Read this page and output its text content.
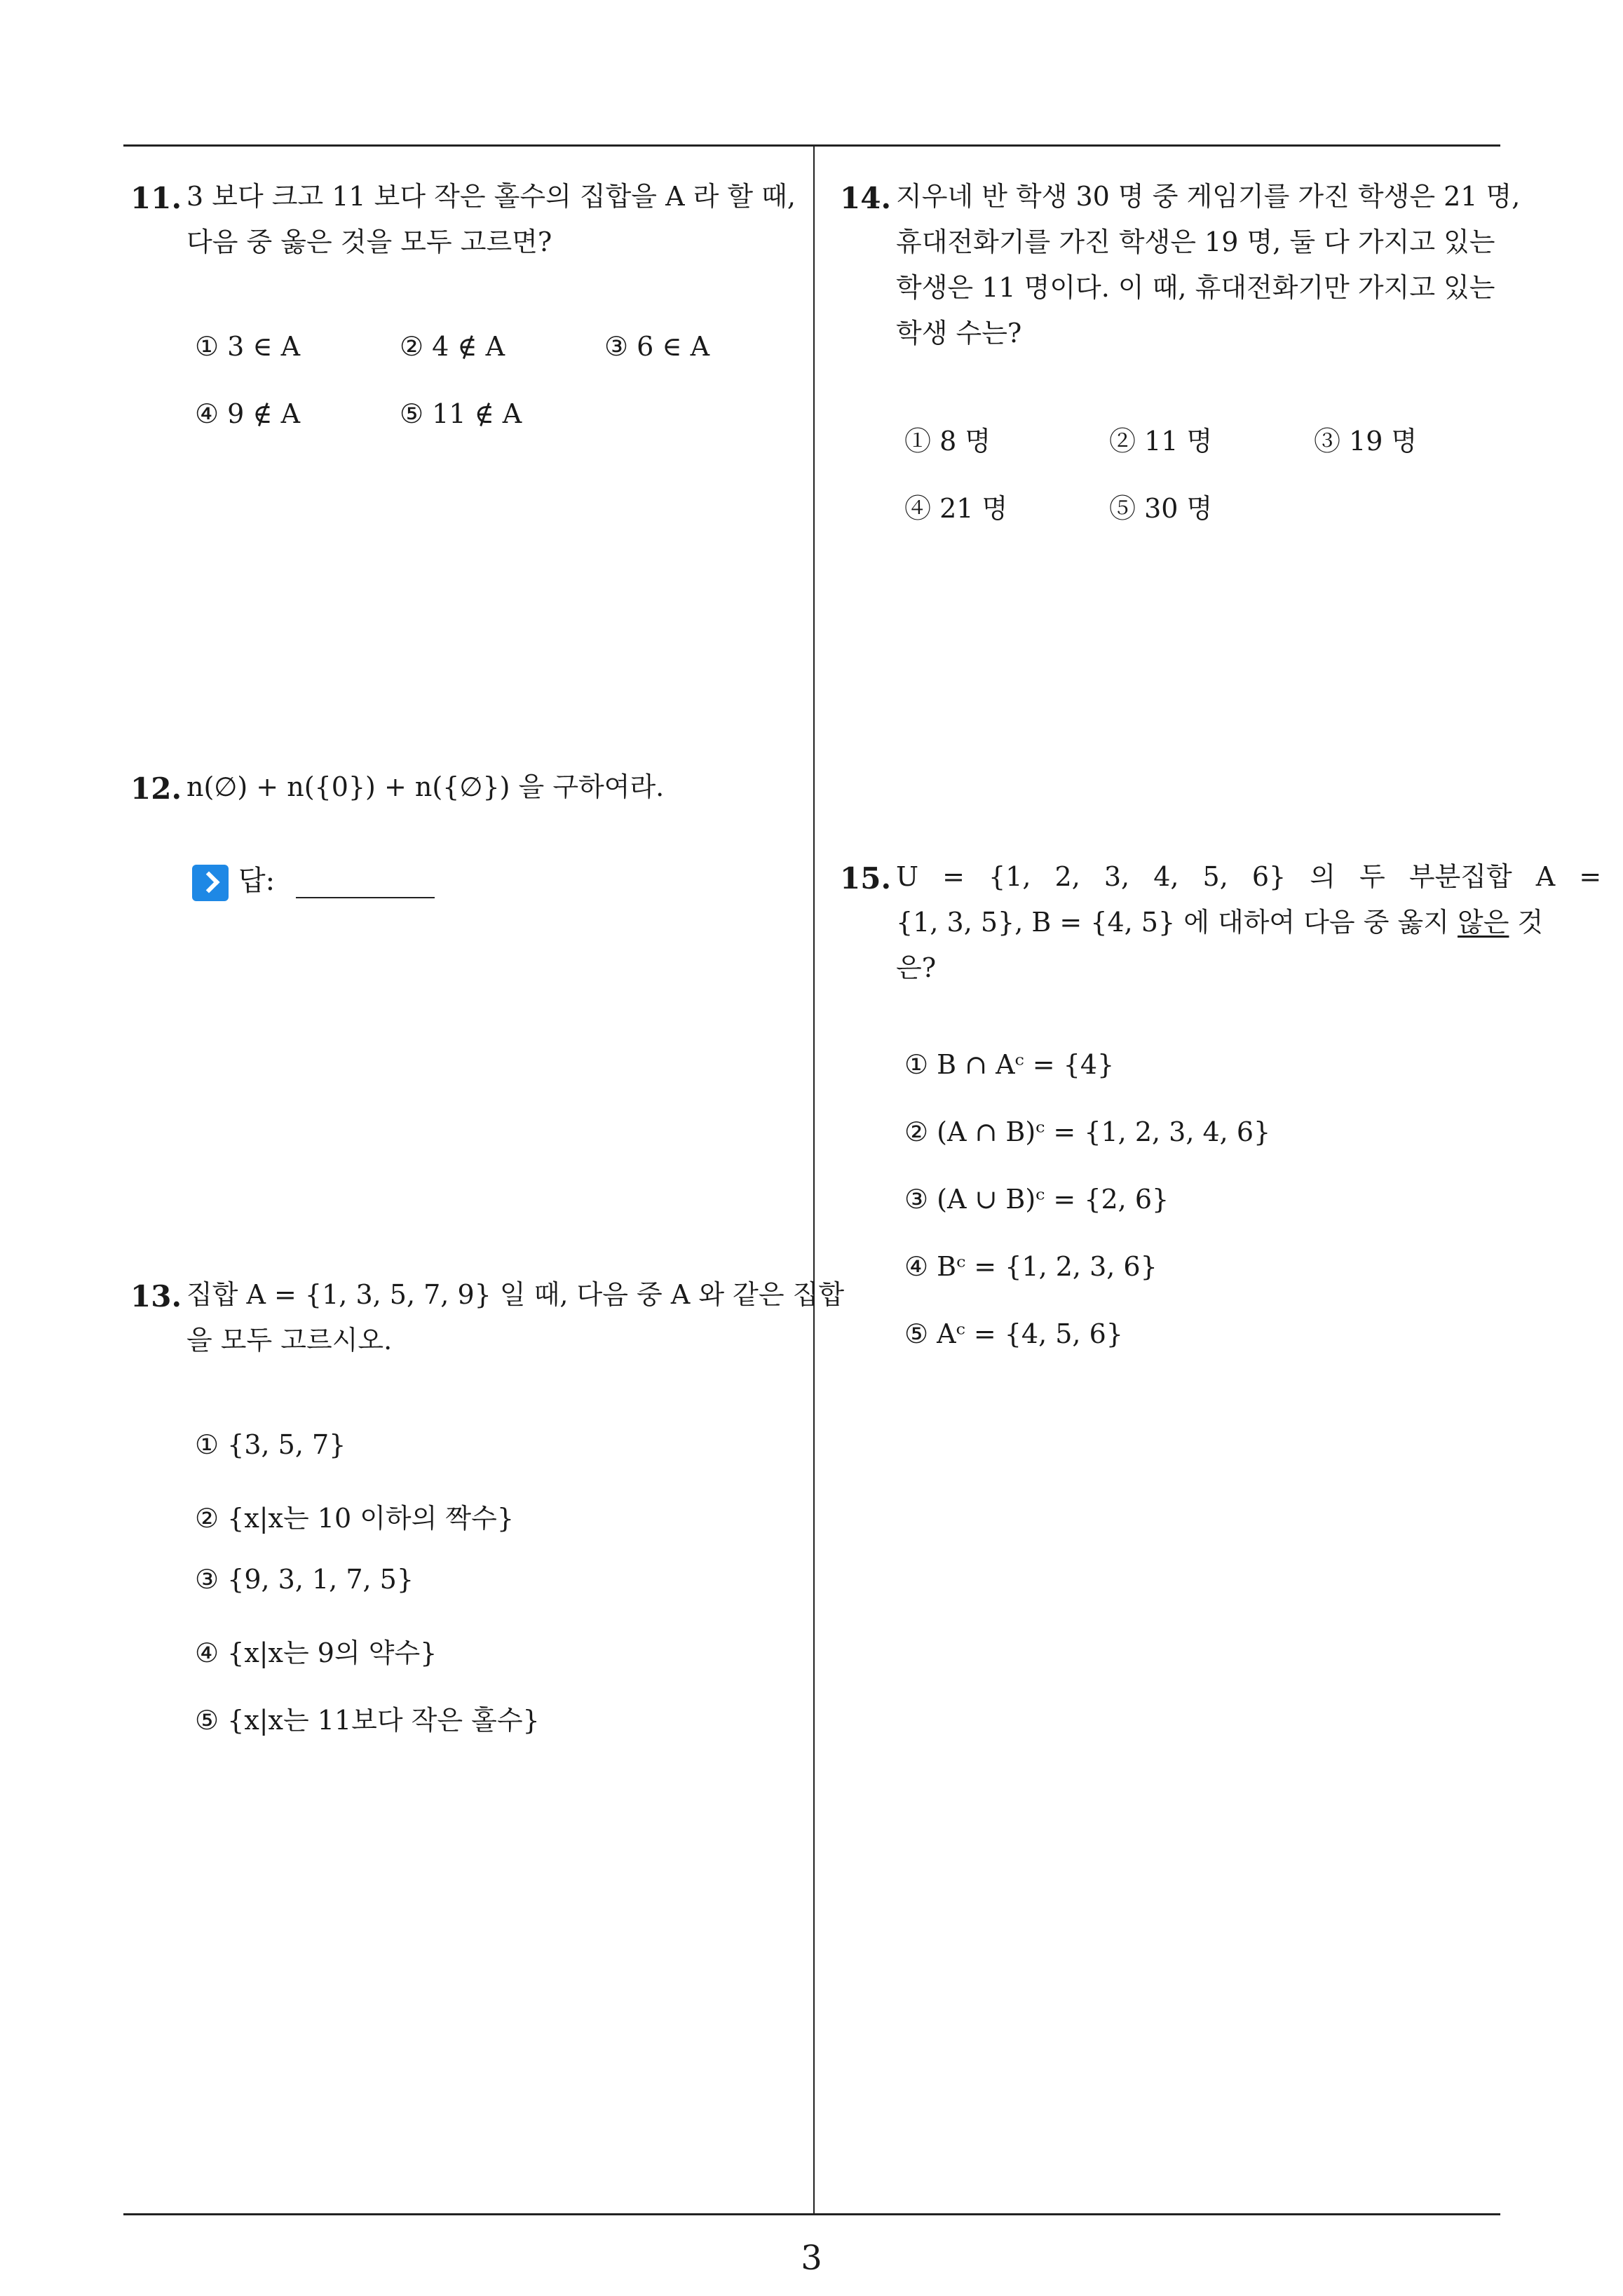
11. 3 보다 크고 11 보다 작은 홀수의 집합을 A 라 할 때,
다음 중 옳은 것을 모두 고르면?
① 3 ∈ A	② 4 ∉ A	③ 6 ∈ A
④ 9 ∉ A	⑤ 11 ∉ A
12. n(∅) + n({0}) + n({∅}) 을 구하여라.
답:
13. 집합 A = {1, 3, 5, 7, 9} 일 때, 다음 중 A 와 같은 집합
을 모두 고르시오.
① {3, 5, 7}
② {x|x는 10 이하의 짝수}
③ {9, 3, 1, 7, 5}
④ {x|x는 9의 약수}
⑤ {x|x는 11보다 작은 홀수}
14. 지우네 반 학생 30 명 중 게임기를 가진 학생은 21 명,
휴대전화기를 가진 학생은 19 명, 둘 다 가지고 있는
학생은 11 명이다. 이 때, 휴대전화기만 가지고 있는
학생 수는?
① 8 명	② 11 명	③ 19 명
④ 21 명	⑤ 30 명
15. U = {1, 2, 3, 4, 5, 6} 의 두 부분집합 A =
{1, 3, 5}, B = {4, 5} 에 대하여 다음 중 옳지 않은 것
은?
① B ∩ Aᶜ = {4}
② (A ∩ B)ᶜ = {1, 2, 3, 4, 6}
③ (A ∪ B)ᶜ = {2, 6}
④ Bᶜ = {1, 2, 3, 6}
⑤ Aᶜ = {4, 5, 6}
3
